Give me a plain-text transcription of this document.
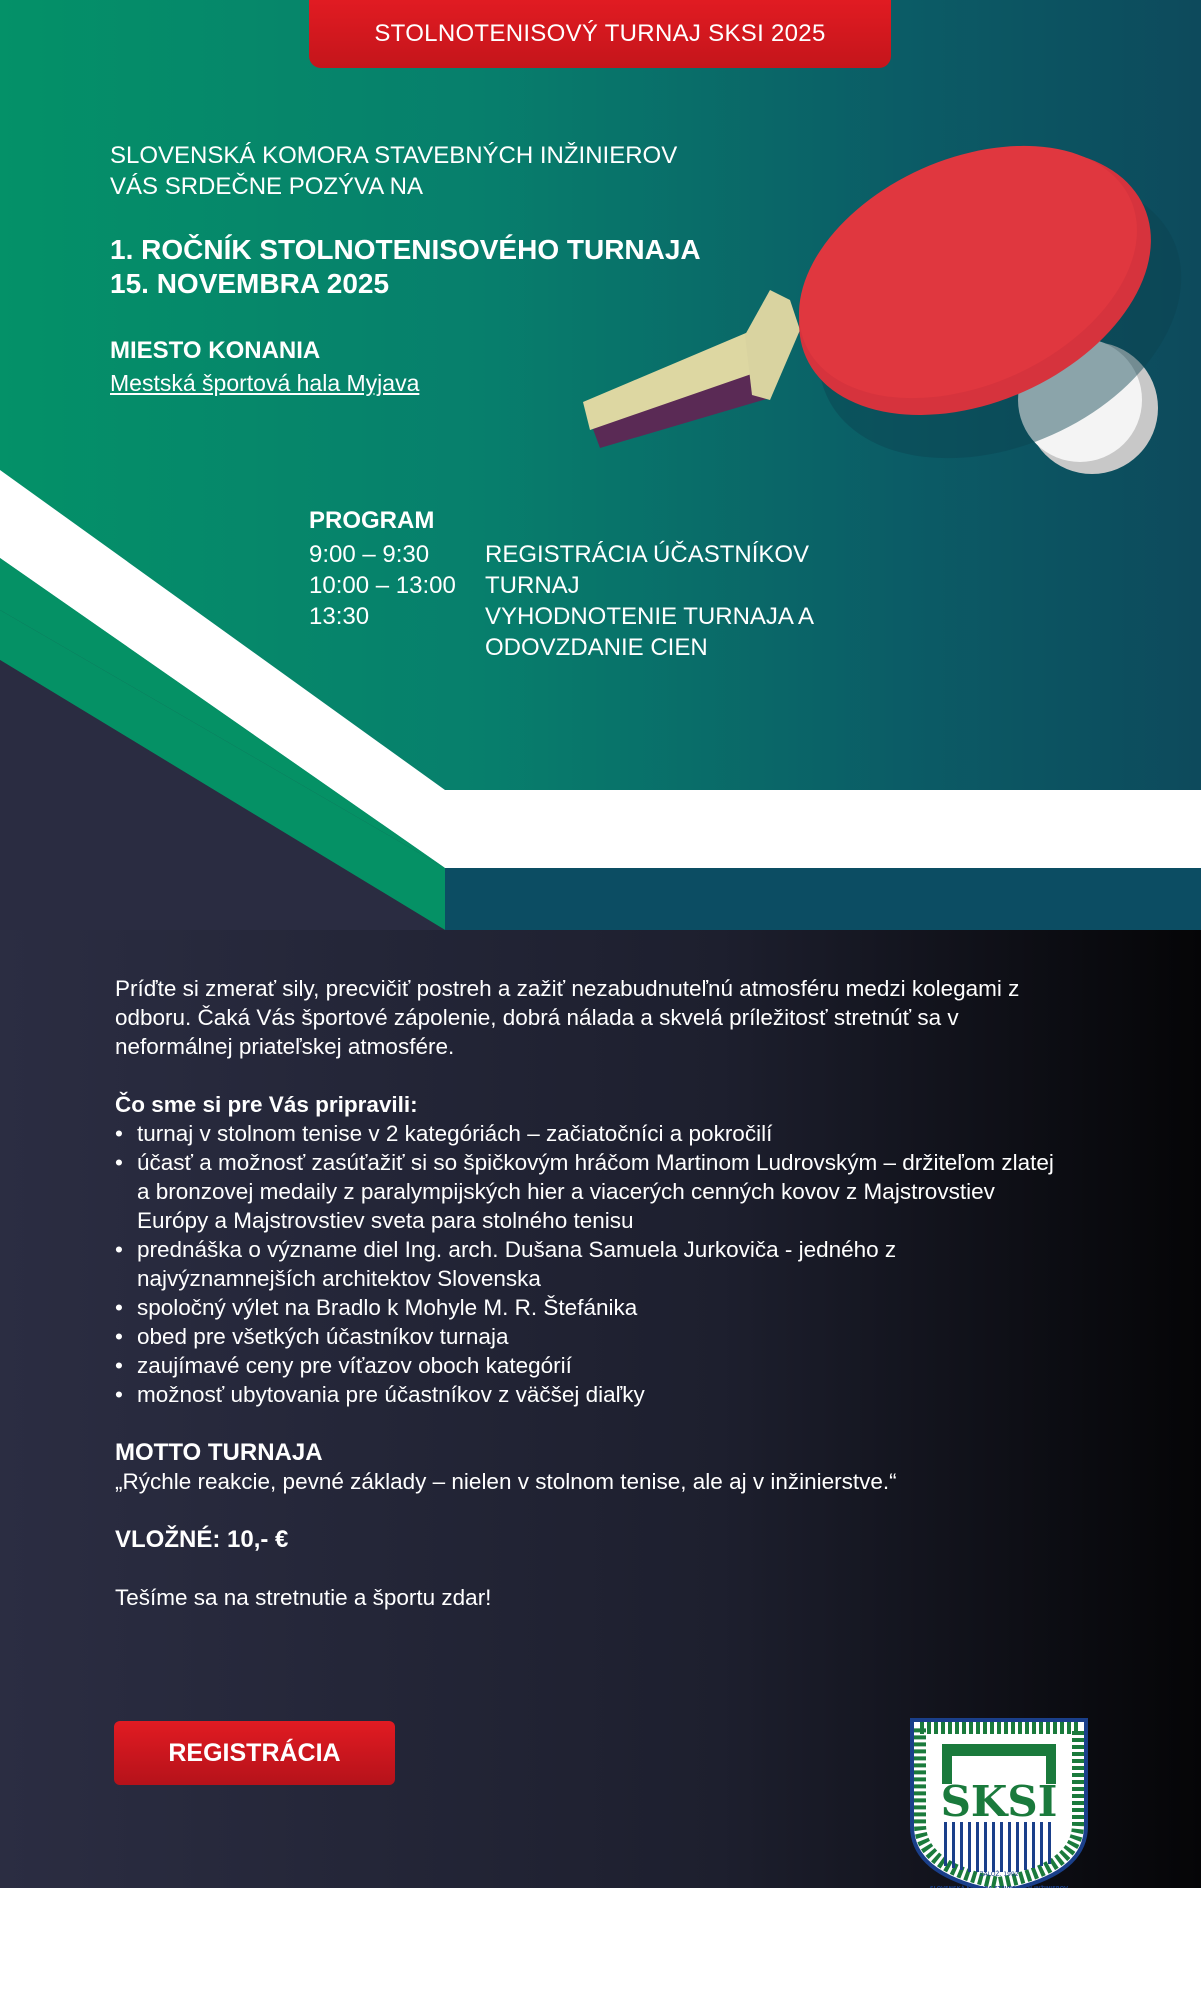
STOLNOTENISOVÝ TURNAJ SKSI 2025
SLOVENSKÁ KOMORA STAVEBNÝCH INŽINIEROV
VÁS SRDEČNE POZÝVA NA
1. ROČNÍK STOLNOTENISOVÉHO TURNAJA
15. NOVEMBRA 2025
MIESTO KONANIA
Mestská športová hala Myjava
PROGRAM
9:00 – 9:30	REGISTRÁCIA ÚČASTNÍKOV
10:00 – 13:00	TURNAJ
13:30	VYHODNOTENIE TURNAJA A ODOVZDANIE CIEN

Príďte si zmerať sily, precvičiť postreh a zažiť nezabudnuteľnú atmosféru medzi kolegami z odboru. Čaká Vás športové zápolenie, dobrá nálada a skvelá príležitosť stretnúť sa v neformálnej priateľskej atmosfére.

Čo sme si pre Vás pripravili:

• turnaj v stolnom tenise v 2 kategóriách – začiatočníci a pokročilí
• účasť a možnosť zasúťažiť si so špičkovým hráčom Martinom Ludrovským – držiteľom zlatej a bronzovej medaily z paralympijských hier a viacerých cenných kovov z Majstrovstiev Európy a Majstrovstiev sveta para stolného tenisu
• prednáška o význame diel Ing. arch. Dušana Samuela Jurkoviča - jedného z najvýznamnejších architektov Slovenska
• spoločný výlet na Bradlo k Mohyle M. R. Štefánika
• obed pre všetkých účastníkov turnaja
• zaujímavé ceny pre víťazov oboch kategórií
• možnosť ubytovania pre účastníkov z väčšej diaľky

MOTTO TURNAJA

„Rýchle reakcie, pevné základy – nielen v stolnom tenise, ale aj v inžinierstve.“

VLOŽNÉ: 10,- €

Tešíme sa na stretnutie a športu zdar!

REGISTRÁCIA
SKSI
ZALOŽ. 1992
SLOVENSKÁ KOMORA STAVEBNÝCH INŽINIEROV
